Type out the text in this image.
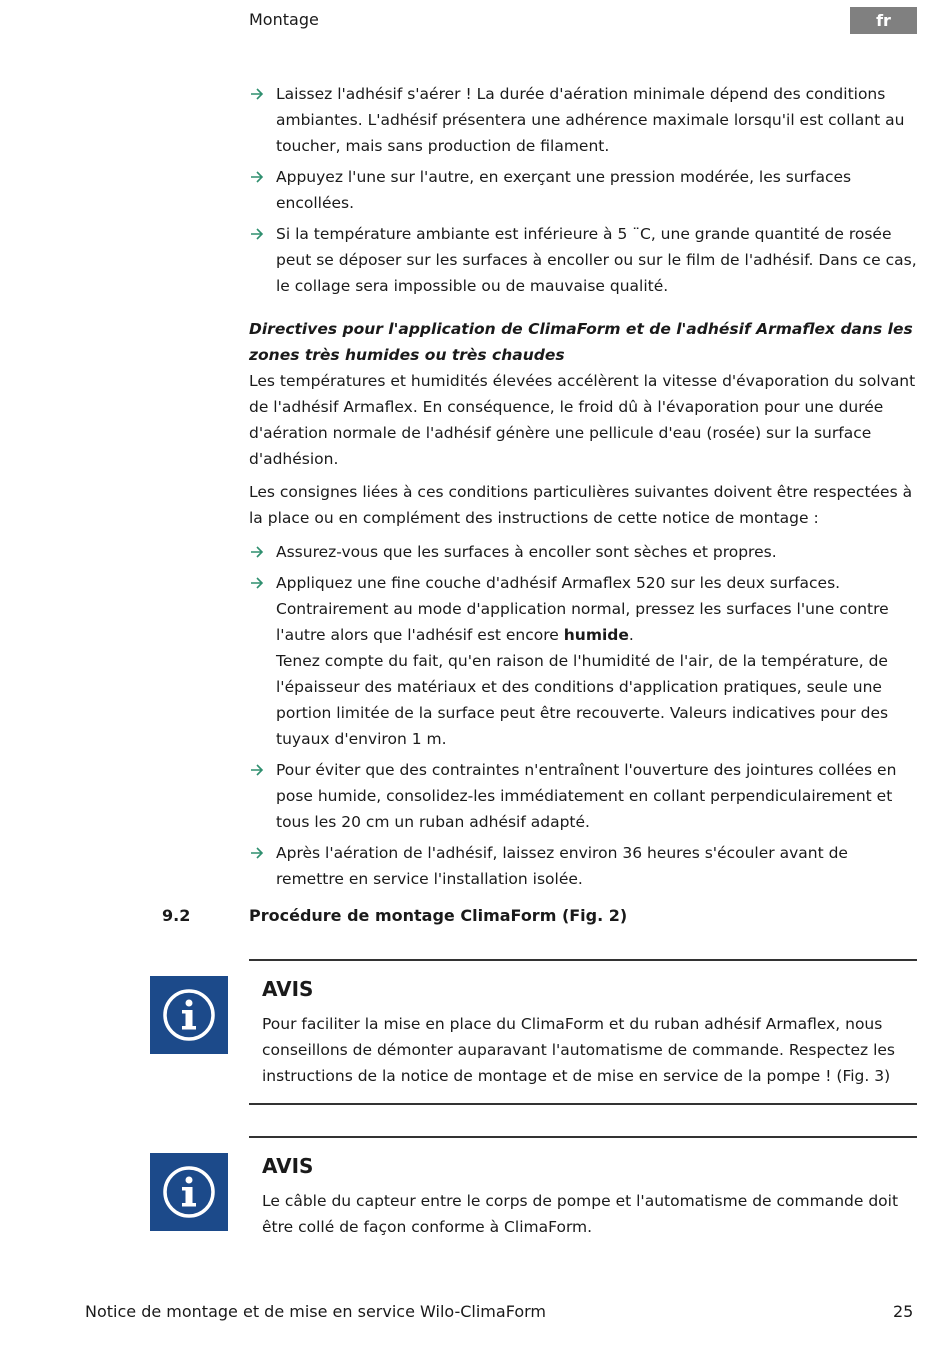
Montage	fr
Laissez l'adhésif s'aérer ! La durée d'aération minimale dépend des conditions ambiantes. L'adhésif présentera une adhérence maximale lorsqu'il est collant au toucher, mais sans production de filament.
Appuyez l'une sur l'autre, en exerçant une pression modérée, les surfaces encollées.
Si la température ambiante est inférieure à 5 ¨C, une grande quantité de rosée peut se déposer sur les surfaces à encoller ou sur le film de l'adhésif. Dans ce cas, le collage sera impossible ou de mauvaise qualité.

Directives pour l'application de ClimaForm et de l'adhésif Armaflex dans les zones très humides ou très chaudes

Les températures et humidités élevées accélèrent la vitesse d'évaporation du solvant de l'adhésif Armaflex. En conséquence, le froid dû à l'évaporation pour une durée d'aération normale de l'adhésif génère une pellicule d'eau (rosée) sur la surface d'adhésion.

Les consignes liées à ces conditions particulières suivantes doivent être respectées à la place ou en complément des instructions de cette notice de montage :

Assurez-vous que les surfaces à encoller sont sèches et propres.
Appliquez une fine couche d'adhésif Armaflex 520 sur les deux surfaces. Contrairement au mode d'application normal, pressez les surfaces l'une contre l'autre alors que l'adhésif est encore humide.
Tenez compte du fait, qu'en raison de l'humidité de l'air, de la température, de l'épaisseur des matériaux et des conditions d'application pratiques, seule une portion limitée de la surface peut être recouverte. Valeurs indicatives pour des tuyaux d'environ 1 m.
Pour éviter que des contraintes n'entraînent l'ouverture des jointures collées en pose humide, consolidez-les immédiatement en collant perpendiculairement et tous les 20 cm un ruban adhésif adapté.
Après l'aération de l'adhésif, laissez environ 36 heures s'écouler avant de remettre en service l'installation isolée.
9.2	Procédure de montage ClimaForm (Fig. 2)
AVIS
Pour faciliter la mise en place du ClimaForm et du ruban adhésif Armaflex, nous conseillons de démonter auparavant l'automatisme de commande. Respectez les instructions de la notice de montage et de mise en service de la pompe ! (Fig. 3)
AVIS
Le câble du capteur entre le corps de pompe et l'automatisme de commande doit être collé de façon conforme à ClimaForm.
Notice de montage et de mise en service Wilo-ClimaForm	25
